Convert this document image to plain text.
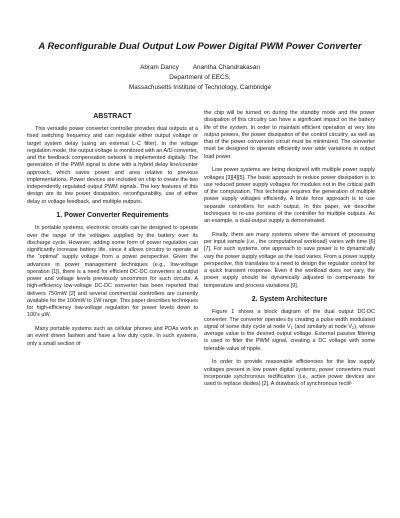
A Reconfigurable Dual Output Low Power Digital PWM Power Converter
Abram Dancy Anantha Chandrakasan
Department of EECS,
Massachusetts Institute of Technology, Cambridge
ABSTRACT

This versatile power converter controller provides dual outputs at a fixed switching frequency and can regulate either output voltage or target system delay (using an external L-C filter). In the voltage regulation mode, the output voltage is monitored with an A/D converter, and the feedback compensation network is implemented digitally. The generation of the PWM signal is done with a hybrid delay line/counter approach, which saves power and area relative to previous implementations. Power devices are included on chip to create the two independently regulated output PWM signals. The key features of this design are its low power dissipation, reconfigurability, use of either delay or voltage feedback, and multiple outputs.

1. Power Converter Requirements

In portable systems, electronic circuits can be designed to operate over the range of the voltages supplied by the battery over its discharge cycle. However, adding some form of power regulation can significantly increase battery life, since it allows circuitry to operate at the “optimal” supply voltage from a power perspective. Given the advances in power management techniques (e.g., low-voltage operation [1]), there is a need for efficient DC-DC converters at output power and voltage levels previously uncommon for such circuits. A high-efficiency low-voltage DC-DC converter has been reported that delivers 750mW [2] and several commercial controllers are currently available for the 100mW to 1W range. This paper describes techniques for high-efficiency low-voltage regulation for power levels down to 100’s µW.

Many portable systems such as cellular phones and PDAs work in an event driven fashion and have a low duty cycle. In such systems, only a small section of

the chip will be turned on during the standby mode and the power dissipation of this circuitry can have a significant impact on the battery life of the system. In order to maintain efficient operation at very low output powers, the power dissipation of the control circuitry, as well as that of the power conversion circuit must be minimized. The converter must be designed to operate efficiently over wide variations in output load power.

Low power systems are being designed with multiple power supply voltages [3][4][5]. The basic approach to reduce power dissipation is to use reduced power supply voltages for modules not in the critical path of the computation. This technique requires the generation of multiple power supply voltages efficiently. A brute force approach is to use separate controllers for each output. In this paper, we describe techniques to re-use portions of the controller for multiple outputs. As an example, a dual-output supply is demonstrated.

Finally, there are many systems where the amount of processing per input sample (i.e., the computational workload) varies with time [6][7]. For such systems, one approach to save power is to dynamically vary the power supply voltage as the load varies. From a power supply perspective, this translates to a need to design the regulator control for a quick transient response. Even if the workload does not vary, the power supply should be dynamically adjusted to compensate for temperature and process variations [9].

2. System Architecture

Figure 1 shows a block diagram of the dual output DC-DC converter. The converter operates by creating a pulse width modulated signal of some duty cycle at node $V_1$ (and similarly at node $V_2$), whose average value is the desired output voltage. External passive filtering is used to filter the PWM signal, creating a DC voltage with some tolerable value of ripple.

In order to provide reasonable efficiencies for the low supply voltages present in low power digital systems, power converters must incorporate synchronous rectification (i.e., active power devices are used to replace diodes) [2]. A drawback of synchronous rectif-
